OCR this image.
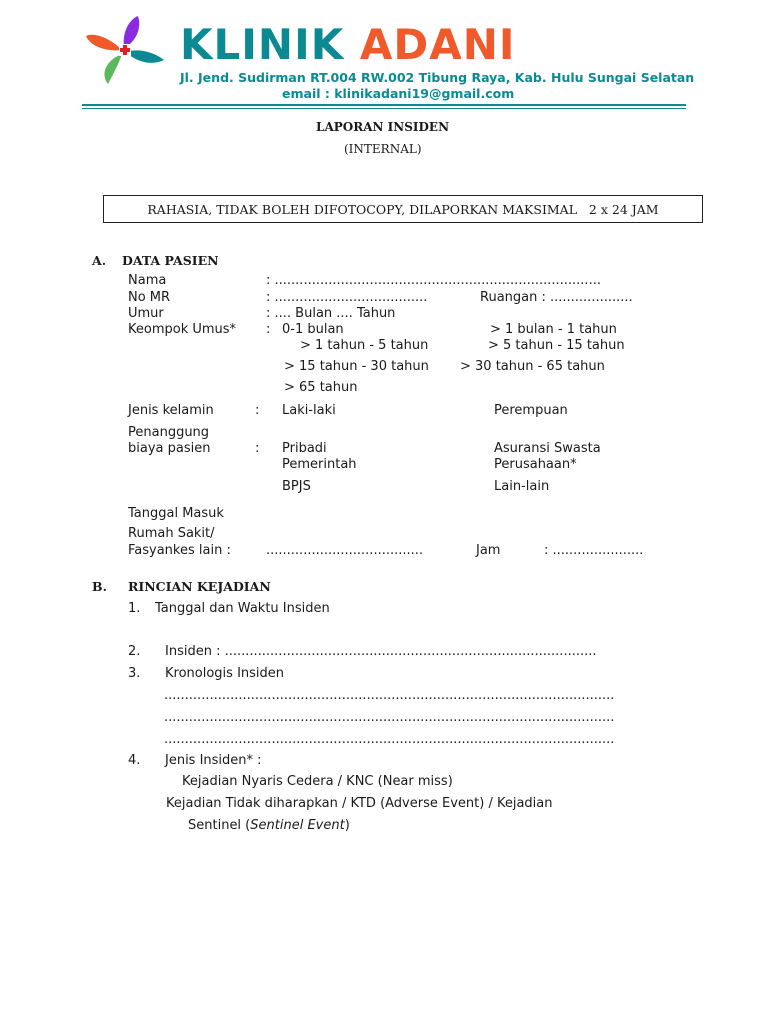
KLINIK ADANI
Jl. Jend. Sudirman RT.004 RW.002 Tibung Raya, Kab. Hulu Sungai Selatan
email : klinikadani19@gmail.com
LAPORAN INSIDEN
(INTERNAL)
RAHASIA, TIDAK BOLEH DIFOTOCOPY, DILAPORKAN MAKSIMAL   2 x 24 JAM
A. DATA PASIEN
Nama	: ...............................................................................
No MR	: .....................................	Ruangan : ....................
Umur	: .... Bulan .... Tahun
Keompok Umus* : 0-1 bulan	> 1 bulan - 1 tahun
> 1 tahun - 5 tahun	> 5 tahun - 15 tahun
> 15 tahun - 30 tahun > 30 tahun - 65 tahun
> 65 tahun
Jenis kelamin	:	Laki-laki	Perempuan
Penanggung
biaya pasien	:	Pribadi	Asuransi Swasta
Pemerintah	Perusahaan*
BPJS	Lain-lain
Tanggal Masuk
Rumah Sakit/
Fasyankes lain :	......................................	Jam	: ......................
B. RINCIAN KEJADIAN
1. Tanggal dan Waktu Insiden
2. Insiden : ..........................................................................................
3. Kronologis Insiden
.............................................................................................................
.............................................................................................................
.............................................................................................................
4. Jenis Insiden* :
Kejadian Nyaris Cedera / KNC (Near miss)
Kejadian Tidak diharapkan / KTD (Adverse Event) / Kejadian
Sentinel (Sentinel Event)
